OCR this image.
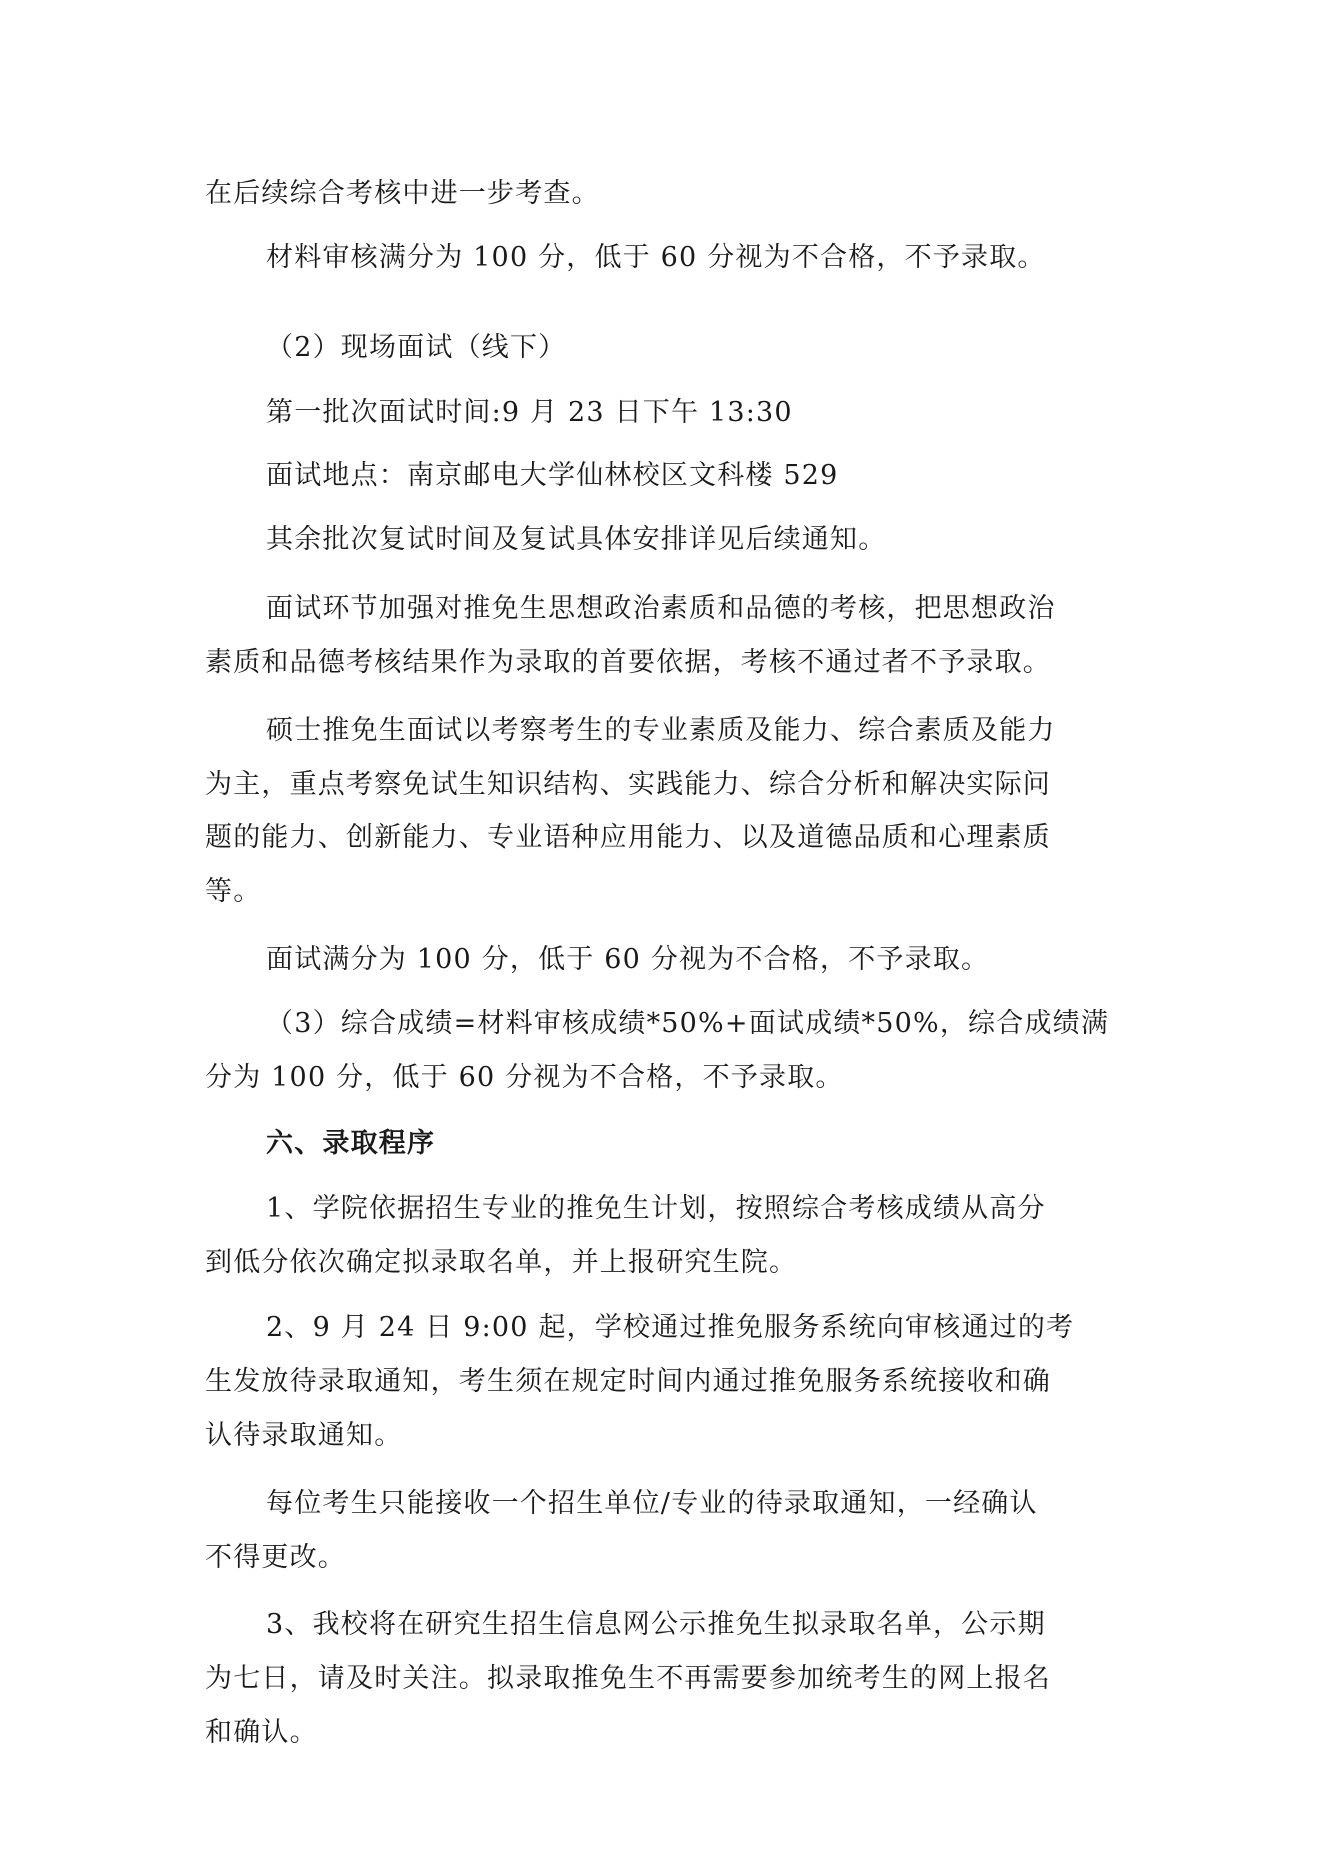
在后续综合考核中进一步考查。
材料审核满分为 100 分，低于 60 分视为不合格，不予录取。
（2）现场面试（线下）
第一批次面试时间:9 月 23 日下午 13:30
面试地点：南京邮电大学仙林校区文科楼 529
其余批次复试时间及复试具体安排详见后续通知。
面试环节加强对推免生思想政治素质和品德的考核，把思想政治
素质和品德考核结果作为录取的首要依据，考核不通过者不予录取。
硕士推免生面试以考察考生的专业素质及能力、综合素质及能力
为主，重点考察免试生知识结构、实践能力、综合分析和解决实际问
题的能力、创新能力、专业语种应用能力、以及道德品质和心理素质
等。
面试满分为 100 分，低于 60 分视为不合格，不予录取。
（3）综合成绩=材料审核成绩*50%+面试成绩*50%，综合成绩满
分为 100 分，低于 60 分视为不合格，不予录取。
六、录取程序
1、学院依据招生专业的推免生计划，按照综合考核成绩从高分
到低分依次确定拟录取名单，并上报研究生院。
2、9 月 24 日 9:00 起，学校通过推免服务系统向审核通过的考
生发放待录取通知，考生须在规定时间内通过推免服务系统接收和确
认待录取通知。
每位考生只能接收一个招生单位/专业的待录取通知，一经确认
不得更改。
3、我校将在研究生招生信息网公示推免生拟录取名单，公示期
为七日，请及时关注。拟录取推免生不再需要参加统考生的网上报名
和确认。
